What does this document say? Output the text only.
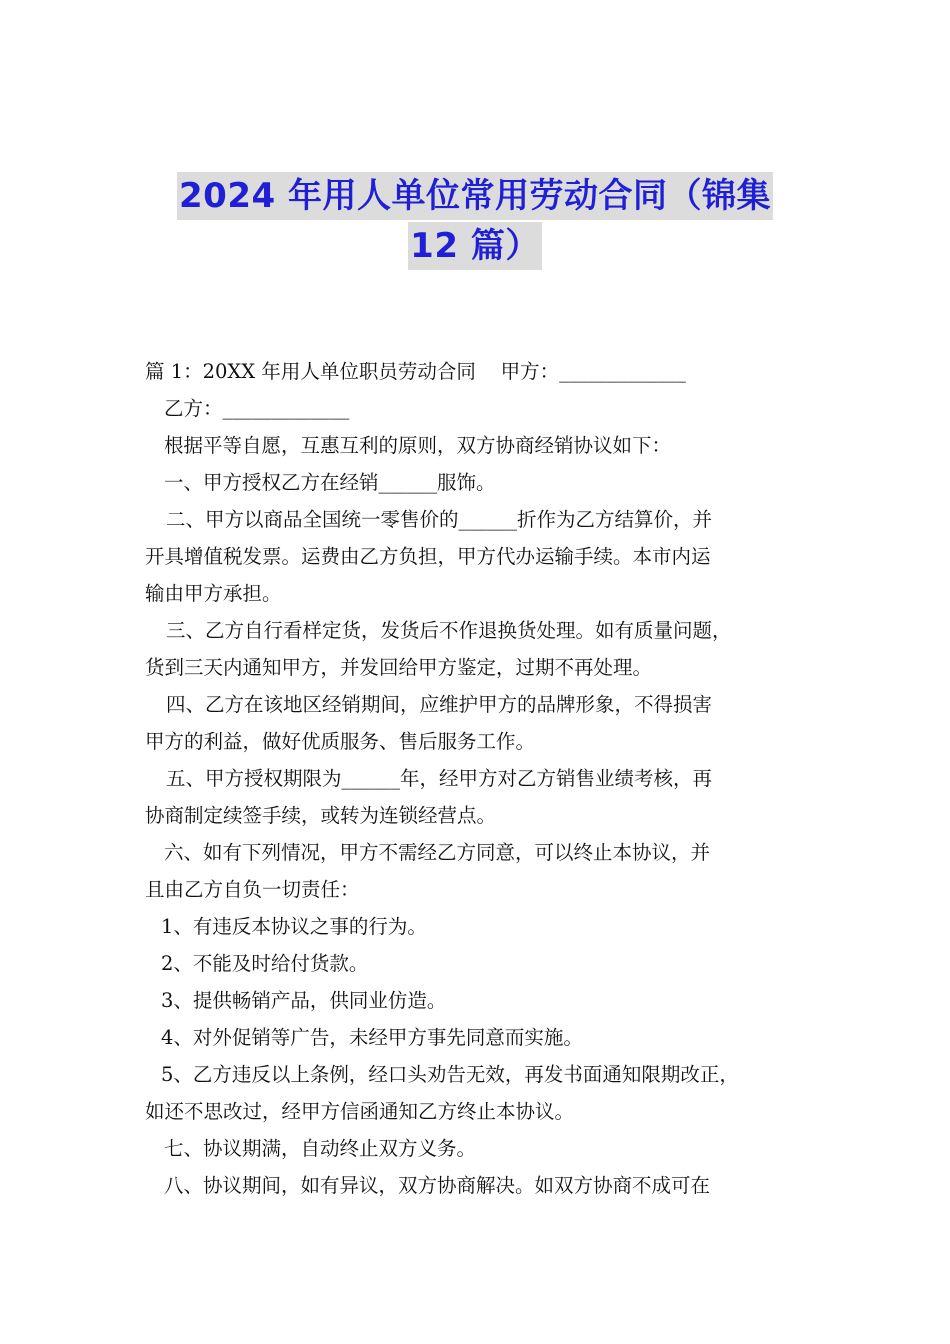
2024 年用人单位常用劳动合同（锦集
12 篇）
篇 1：20XX 年用人单位职员劳动合同    甲方：_____________
乙方：_____________
根据平等自愿，互惠互利的原则，双方协商经销协议如下：
一、甲方授权乙方在经销______服饰。
二、甲方以商品全国统一零售价的______折作为乙方结算价，并
开具增值税发票。运费由乙方负担，甲方代办运输手续。本市内运
输由甲方承担。
三、乙方自行看样定货，发货后不作退换货处理。如有质量问题，
货到三天内通知甲方，并发回给甲方鉴定，过期不再处理。
四、乙方在该地区经销期间，应维护甲方的品牌形象，不得损害
甲方的利益，做好优质服务、售后服务工作。
五、甲方授权期限为______年，经甲方对乙方销售业绩考核，再
协商制定续签手续，或转为连锁经营点。
六、如有下列情况，甲方不需经乙方同意，可以终止本协议，并
且由乙方自负一切责任：
1、有违反本协议之事的行为。
2、不能及时给付货款。
3、提供畅销产品，供同业仿造。
4、对外促销等广告，未经甲方事先同意而实施。
5、乙方违反以上条例，经口头劝告无效，再发书面通知限期改正，
如还不思改过，经甲方信函通知乙方终止本协议。
七、协议期满，自动终止双方义务。
八、协议期间，如有异议，双方协商解决。如双方协商不成可在
